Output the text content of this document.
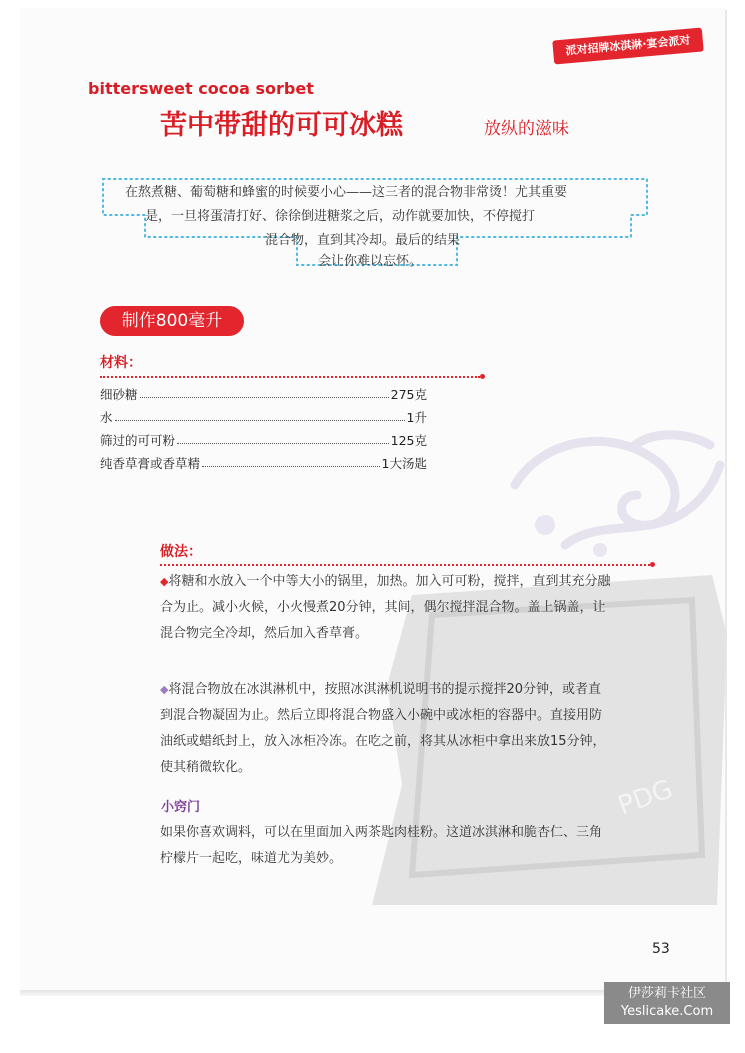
派对招牌冰淇淋·宴会派对
bittersweet cocoa sorbet
苦中带甜的可可冰糕	放纵的滋味
在熬煮糖、葡萄糖和蜂蜜的时候要小心——这三者的混合物非常烫！尤其重要
是，一旦将蛋清打好、徐徐倒进糖浆之后，动作就要加快，不停搅打
混合物，直到其冷却。最后的结果
会让你难以忘怀。
制作800毫升
材料：
细砂糖	275克
水	1升
筛过的可可粉	125克
纯香草膏或香草精	1大汤匙
PDG
做法：
◆将糖和水放入一个中等大小的锅里，加热。加入可可粉，搅拌，直到其充分融合为止。减小火候，小火慢煮20分钟，其间，偶尔搅拌混合物。盖上锅盖，让混合物完全冷却，然后加入香草膏。
◆将混合物放在冰淇淋机中，按照冰淇淋机说明书的提示搅拌20分钟，或者直到混合物凝固为止。然后立即将混合物盛入小碗中或冰柜的容器中。直接用防油纸或蜡纸封上，放入冰柜冷冻。在吃之前，将其从冰柜中拿出来放15分钟，使其稍微软化。
小窍门
如果你喜欢调料，可以在里面加入两茶匙肉桂粉。这道冰淇淋和脆杏仁、三角柠檬片一起吃，味道尤为美妙。
53
伊莎莉卡社区
Yeslicake.Com
